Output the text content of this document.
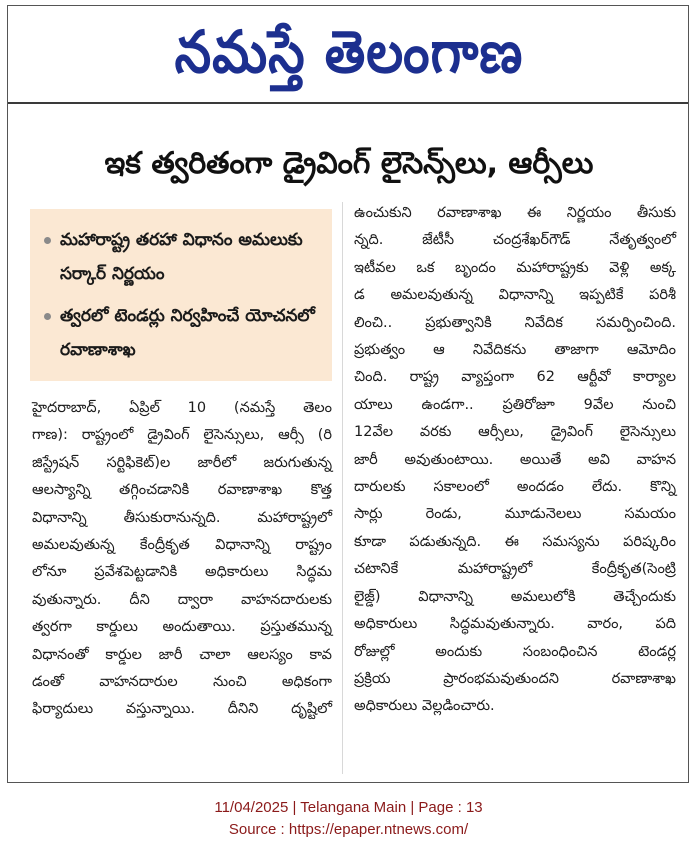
నమస్తే తెలంగాణ
ఇక త్వరితంగా డ్రైవింగ్ లైసెన్స్‌లు, ఆర్సీలు
మహారాష్ట్ర తరహా విధానం అమలుకు సర్కార్ నిర్ణయం
త్వరలో టెండర్లు నిర్వహించే యోచనలో రవాణాశాఖ
హైదరాబాద్, ఏప్రిల్ 10 (నమస్తే తెలం
గాణ): రాష్ట్రంలో డ్రైవింగ్ లైసెన్సులు, ఆర్సీ (రి
జిస్ట్రేషన్ సర్టిఫికెట్)ల జారీలో జరుగుతున్న
ఆలస్యాన్ని తగ్గించడానికి రవాణాశాఖ కొత్త
విధానాన్ని తీసుకురానున్నది. మహారాష్ట్రలో
అమలవుతున్న కేంద్రీకృత విధానాన్ని రాష్ట్రం
లోనూ ప్రవేశపెట్టడానికి అధికారులు సిద్ధమ
వుతున్నారు. దీని ద్వారా వాహనదారులకు
త్వరగా కార్డులు అందుతాయి. ప్రస్తుతమున్న
విధానంతో కార్డుల జారీ చాలా ఆలస్యం కావ
డంతో వాహనదారుల నుంచి అధికంగా
ఫిర్యాదులు వస్తున్నాయి. దీనిని దృష్టిలో
ఉంచుకుని రవాణాశాఖ ఈ నిర్ణయం తీసుకు
న్నది. జేటీసీ చంద్రశేఖర్‌గౌడ్ నేతృత్వంలో
ఇటీవల ఒక బృందం మహారాష్ట్రకు వెళ్లి అక్క
డ అమలవుతున్న విధానాన్ని ఇప్పటికే పరిశీ
లించి.. ప్రభుత్వానికి నివేదిక సమర్పించింది.
ప్రభుత్వం ఆ నివేదికను తాజాగా ఆమోదిం
చింది. రాష్ట్ర వ్యాప్తంగా 62 ఆర్టీవో కార్యాల
యాలు ఉండగా.. ప్రతిరోజూ 9వేల నుంచి
12వేల వరకు ఆర్సీలు, డ్రైవింగ్ లైసెన్సులు
జారీ అవుతుంటాయి. అయితే అవి వాహన
దారులకు సకాలంలో అందడం లేదు. కొన్ని
సార్లు రెండు, మూడునెలలు సమయం
కూడా పడుతున్నది. ఈ సమస్యను పరిష్కరిం
చటానికే మహారాష్ట్రలో కేంద్రీకృత(సెంట్రి
లైజ్డ్) విధానాన్ని అమలులోకి తెచ్చేందుకు
అధికారులు సిద్ధమవుతున్నారు. వారం, పది
రోజుల్లో అందుకు సంబంధించిన టెండర్ల
ప్రక్రియ ప్రారంభమవుతుందని రవాణాశాఖ
అధికారులు వెల్లడించారు.
11/04/2025 | Telangana Main | Page : 13
Source : https://epaper.ntnews.com/
